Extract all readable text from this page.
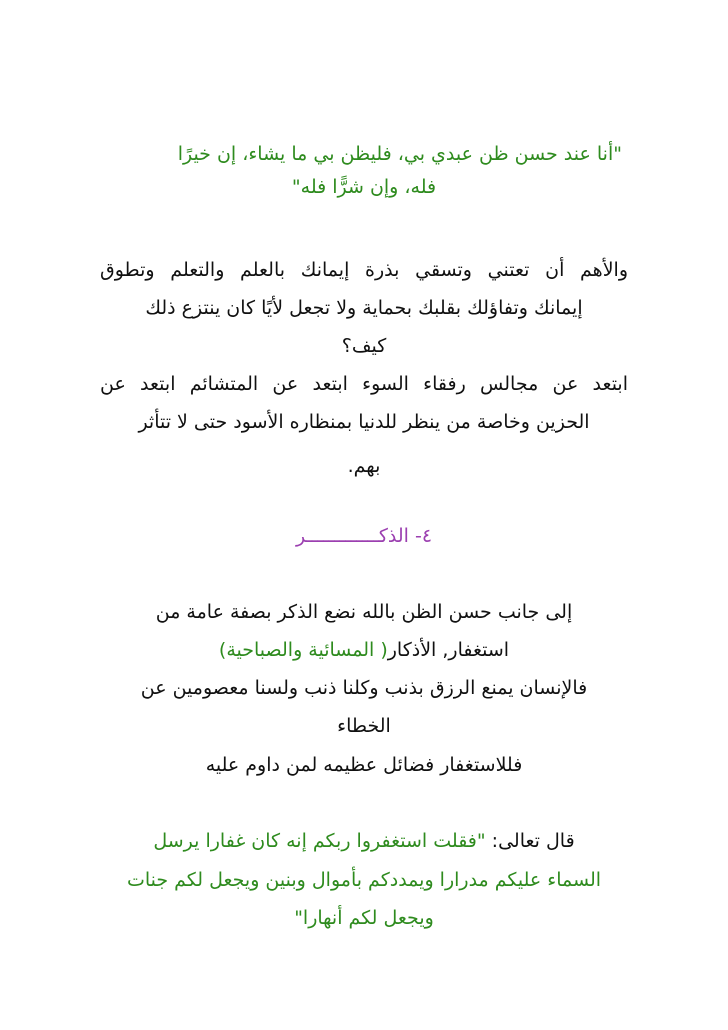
"أنا عند حسن ظن عبدي بي، فليظن بي ما يشاء، إن خيرًا
فله، وإن شرًّا فله"
والأهم أن تعتني وتسقي بذرة إيمانك بالعلم والتعلم وتطوق
إيمانك وتفاؤلك بقلبك بحماية ولا تجعل لأيًا كان ينتزع ذلك
كيف؟
ابتعد عن مجالس رفقاء السوء ابتعد عن المتشائم ابتعد عن
الحزين وخاصة من ينظر للدنيا بمنظاره الأسود حتى لا تتأثر
بهم.
٤- الذكـــــــــــــر
إلى جانب حسن الظن بالله نضع الذكر بصفة عامة من
استغفار, الأذكار( المسائية والصباحية)
فالإنسان يمنع الرزق بذنب وكلنا ذنب ولسنا معصومين عن
الخطاء
فللاستغفار فضائل عظيمه لمن داوم عليه
قال تعالى: "فقلت استغفروا ربكم إنه كان غفارا يرسل
السماء عليكم مدرارا ويمددكم بأموال وبنين ويجعل لكم جنات
ويجعل لكم أنهارا"
